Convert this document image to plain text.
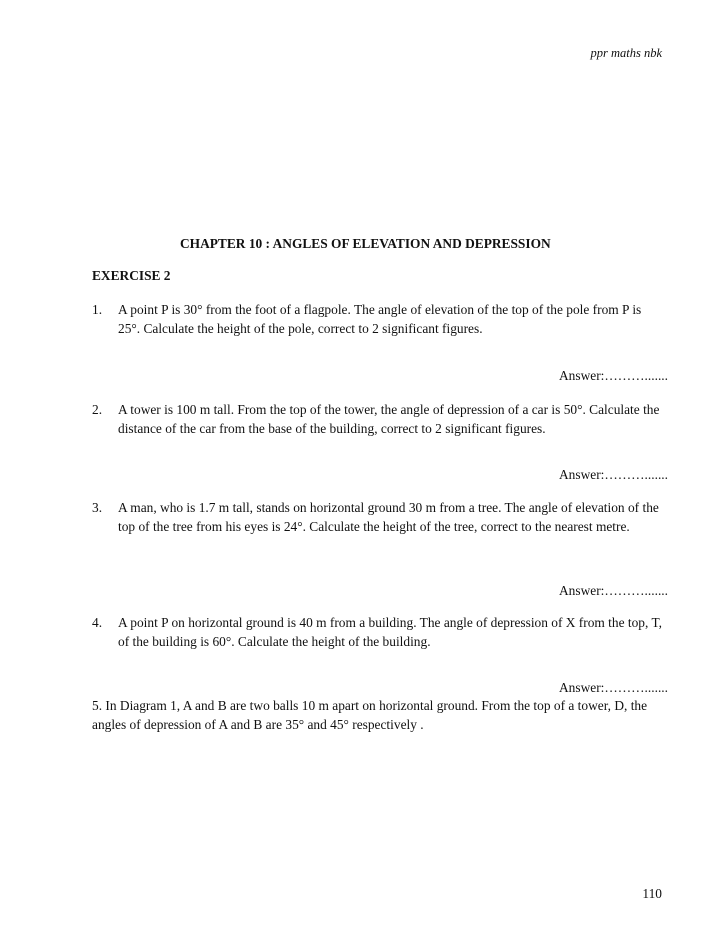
ppr maths nbk
CHAPTER 10 : ANGLES OF ELEVATION AND DEPRESSION
EXERCISE 2
1. A point P is 30° from the foot of a flagpole. The angle of elevation of the top of the pole from P is 25°. Calculate the height of the pole, correct to 2 significant figures.
Answer:……….......
2. A tower is 100 m tall. From the top of the tower, the angle of depression of a car is 50°. Calculate the distance of the car from the base of the building, correct to 2 significant figures.
Answer:……….......
3. A man, who is 1.7 m tall, stands on horizontal ground 30 m from a tree. The angle of elevation of the top of the tree from his eyes is 24°. Calculate the height of the tree, correct to the nearest metre.
Answer:……….......
4. A point P on horizontal ground is 40 m from a building. The angle of depression of X from the top, T, of the building is 60°. Calculate the height of the building.
Answer:……….......
5. In Diagram 1, A and B are two balls 10 m apart on horizontal ground. From the top of a tower, D, the angles of depression of A and B are 35° and 45° respectively .
110
